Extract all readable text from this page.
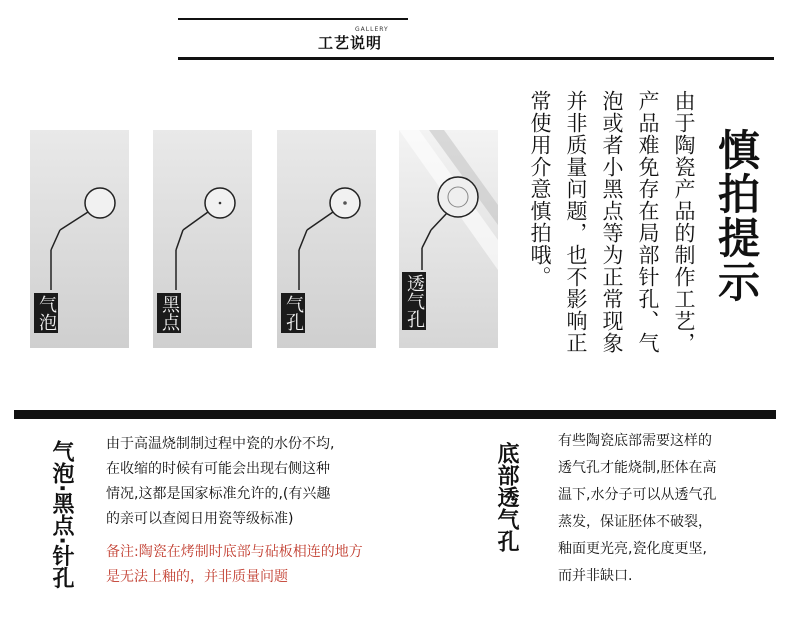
GALLERY
工艺说明
气泡	黑点	气孔	透气孔	由于陶瓷产品的制作工艺，
产品难免存在局部针孔、气
泡或者小黑点等为正常现象
并非质量问题，也不影响正
常使用介意慎拍哦。	慎拍提示
气泡·黑点·针孔 由于高温烧制制过程中瓷的水份不均,
在收缩的时候有可能会出现右侧这种
情况,这都是国家标准允许的,(有兴趣
的亲可以查阅日用瓷等级标准)
备注:陶瓷在烤制时底部与砧板相连的地方
是无法上釉的，并非质量问题
底部透气孔
有些陶瓷底部需要这样的
透气孔才能烧制,胚体在高
温下,水分子可以从透气孔
蒸发，保证胚体不破裂，
釉面更光亮,瓷化度更坚,
而并非缺口.
